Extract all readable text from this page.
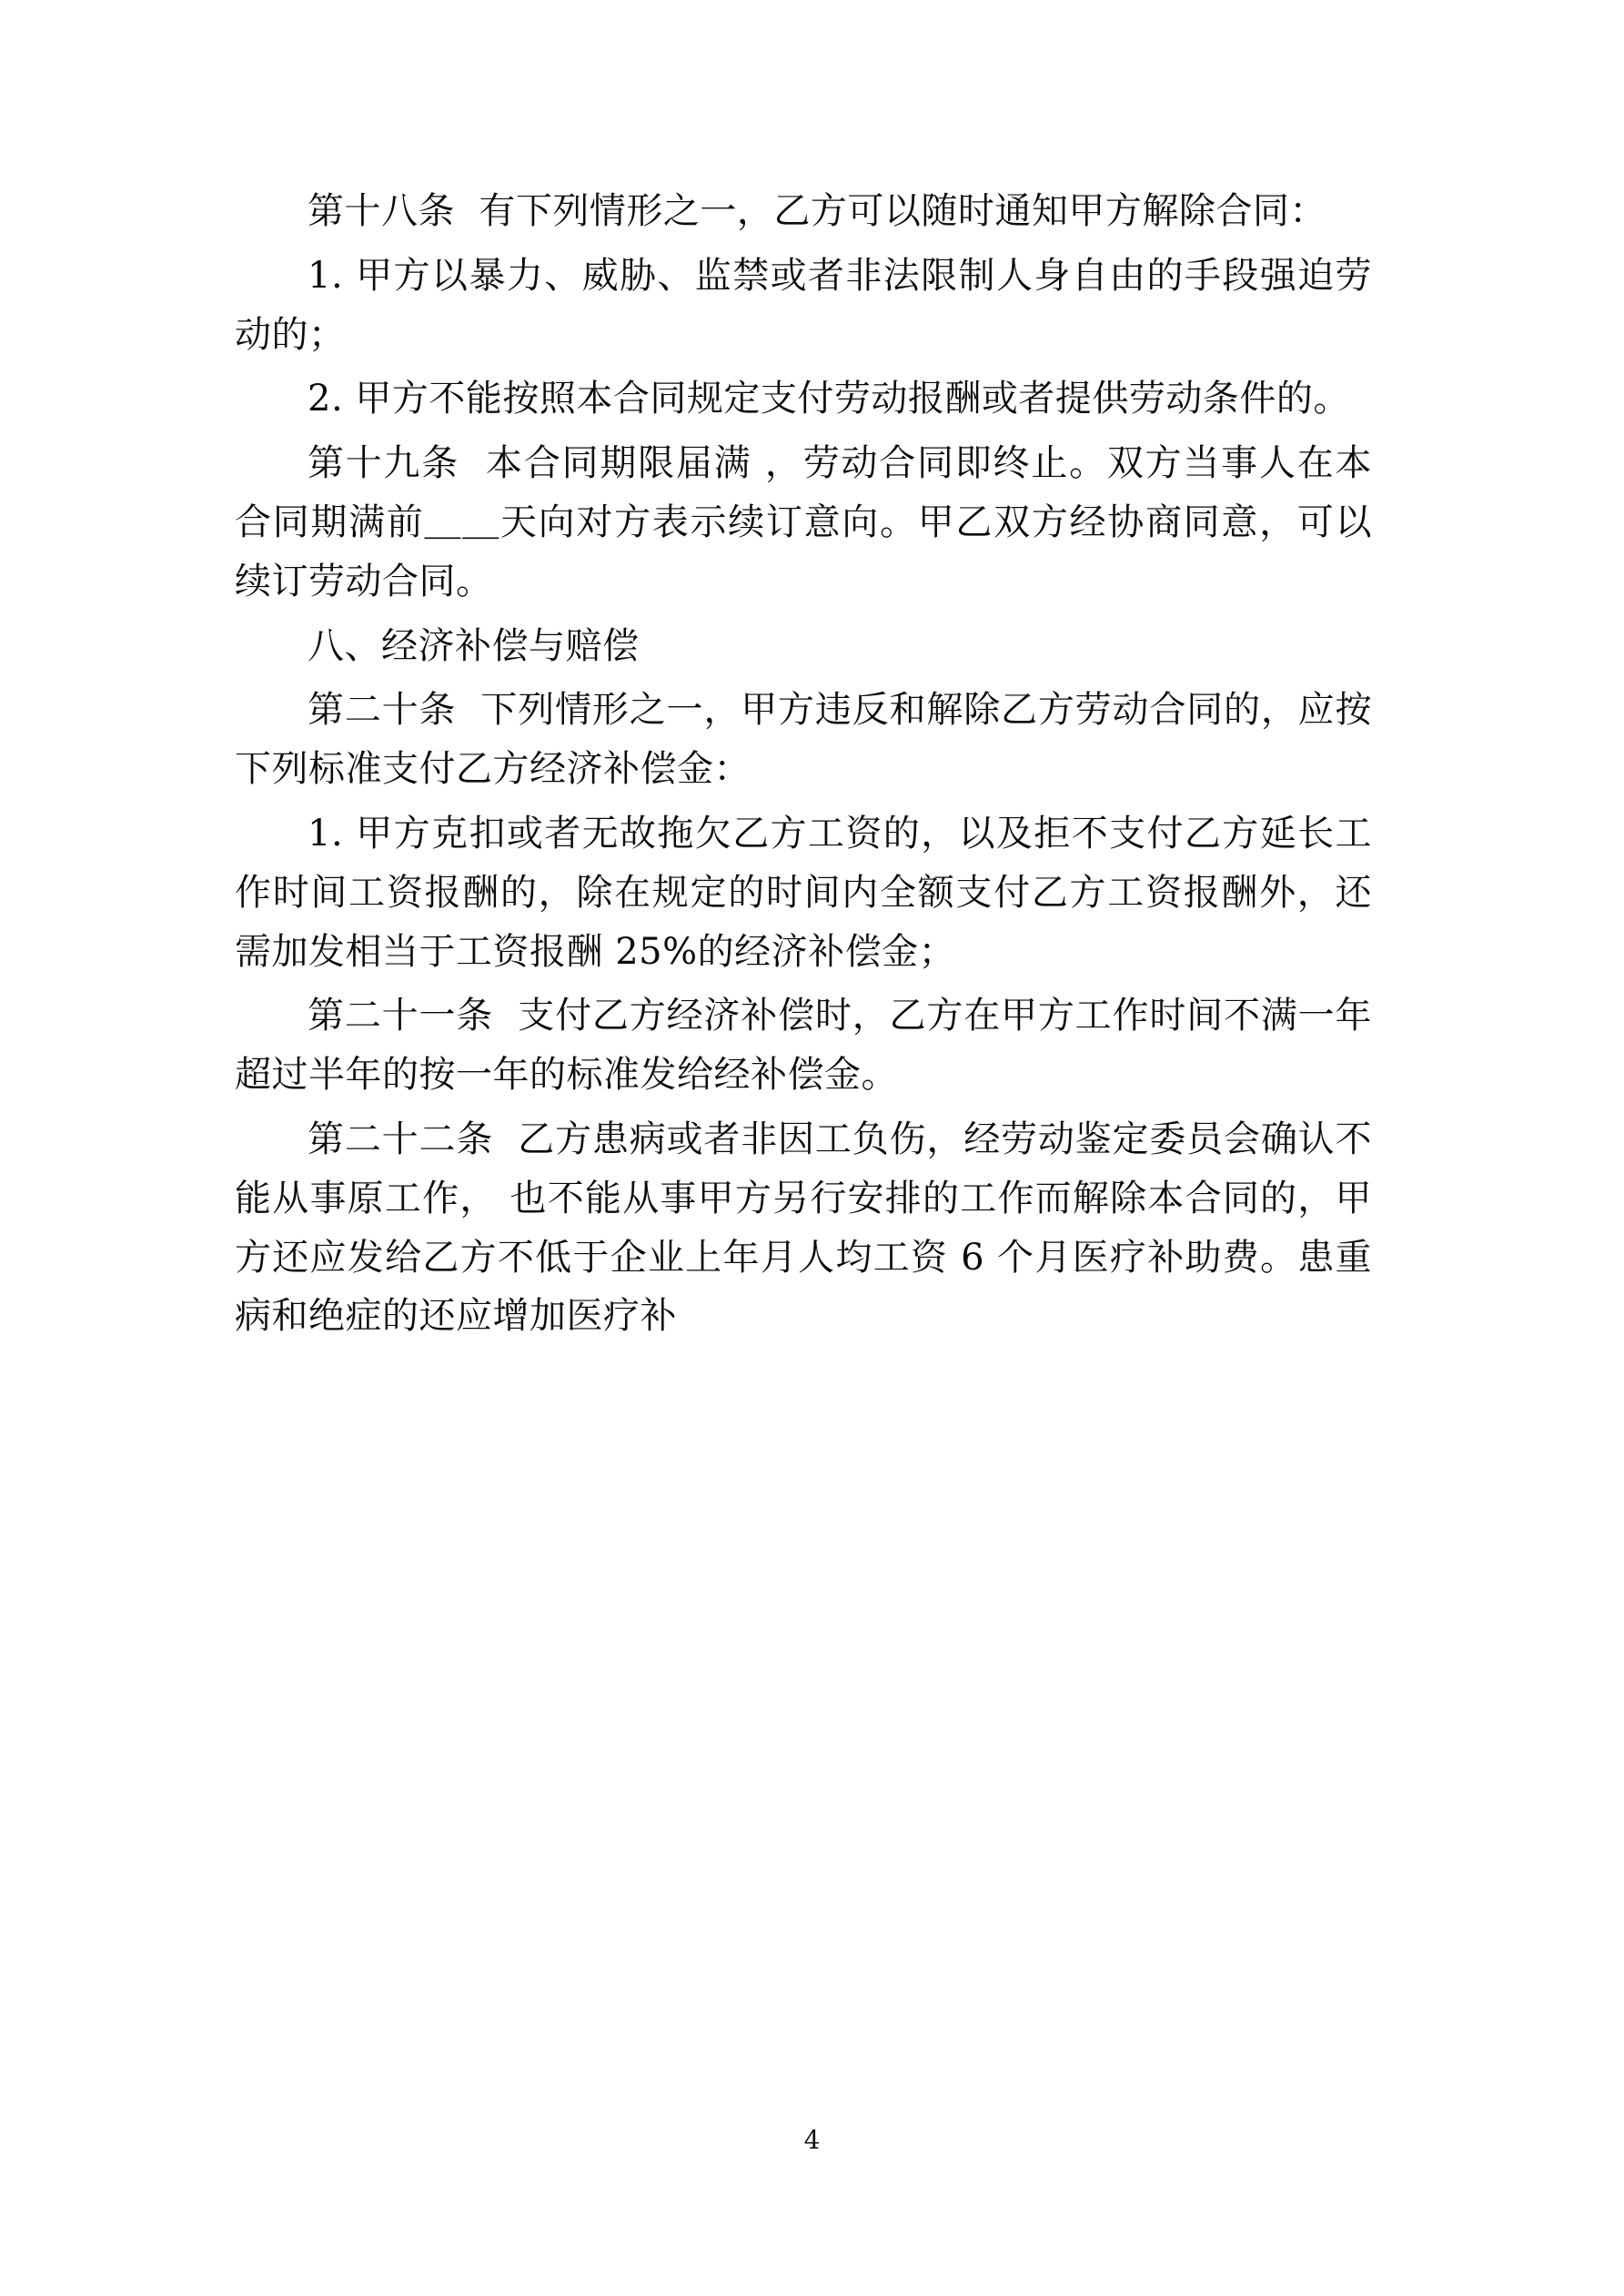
第十八条  有下列情形之一，乙方可以随时通知甲方解除合同：

1. 甲方以暴力、威胁、监禁或者非法限制人身自由的手段强迫劳动的；

2. 甲方不能按照本合同规定支付劳动报酬或者提供劳动条件的。

第十九条  本合同期限届满 ，劳动合同即终止。双方当事人在本合同期满前＿＿天向对方表示续订意向。甲乙双方经协商同意，可以续订劳动合同。

八、经济补偿与赔偿

第二十条  下列情形之一，甲方违反和解除乙方劳动合同的，应按下列标准支付乙方经济补偿金：

1. 甲方克扣或者无故拖欠乙方工资的，以及拒不支付乙方延长工作时间工资报酬的，除在规定的时间内全额支付乙方工资报酬外，还需加发相当于工资报酬 25%的经济补偿金；

第二十一条  支付乙方经济补偿时，乙方在甲方工作时间不满一年超过半年的按一年的标准发给经补偿金。

第二十二条  乙方患病或者非因工负伤，经劳动鉴定委员会确认不能从事原工作， 也不能从事甲方另行安排的工作而解除本合同的，甲方还应发给乙方不低于企业上年月人均工资 6 个月医疗补助费。患重病和绝症的还应增加医疗补

4
